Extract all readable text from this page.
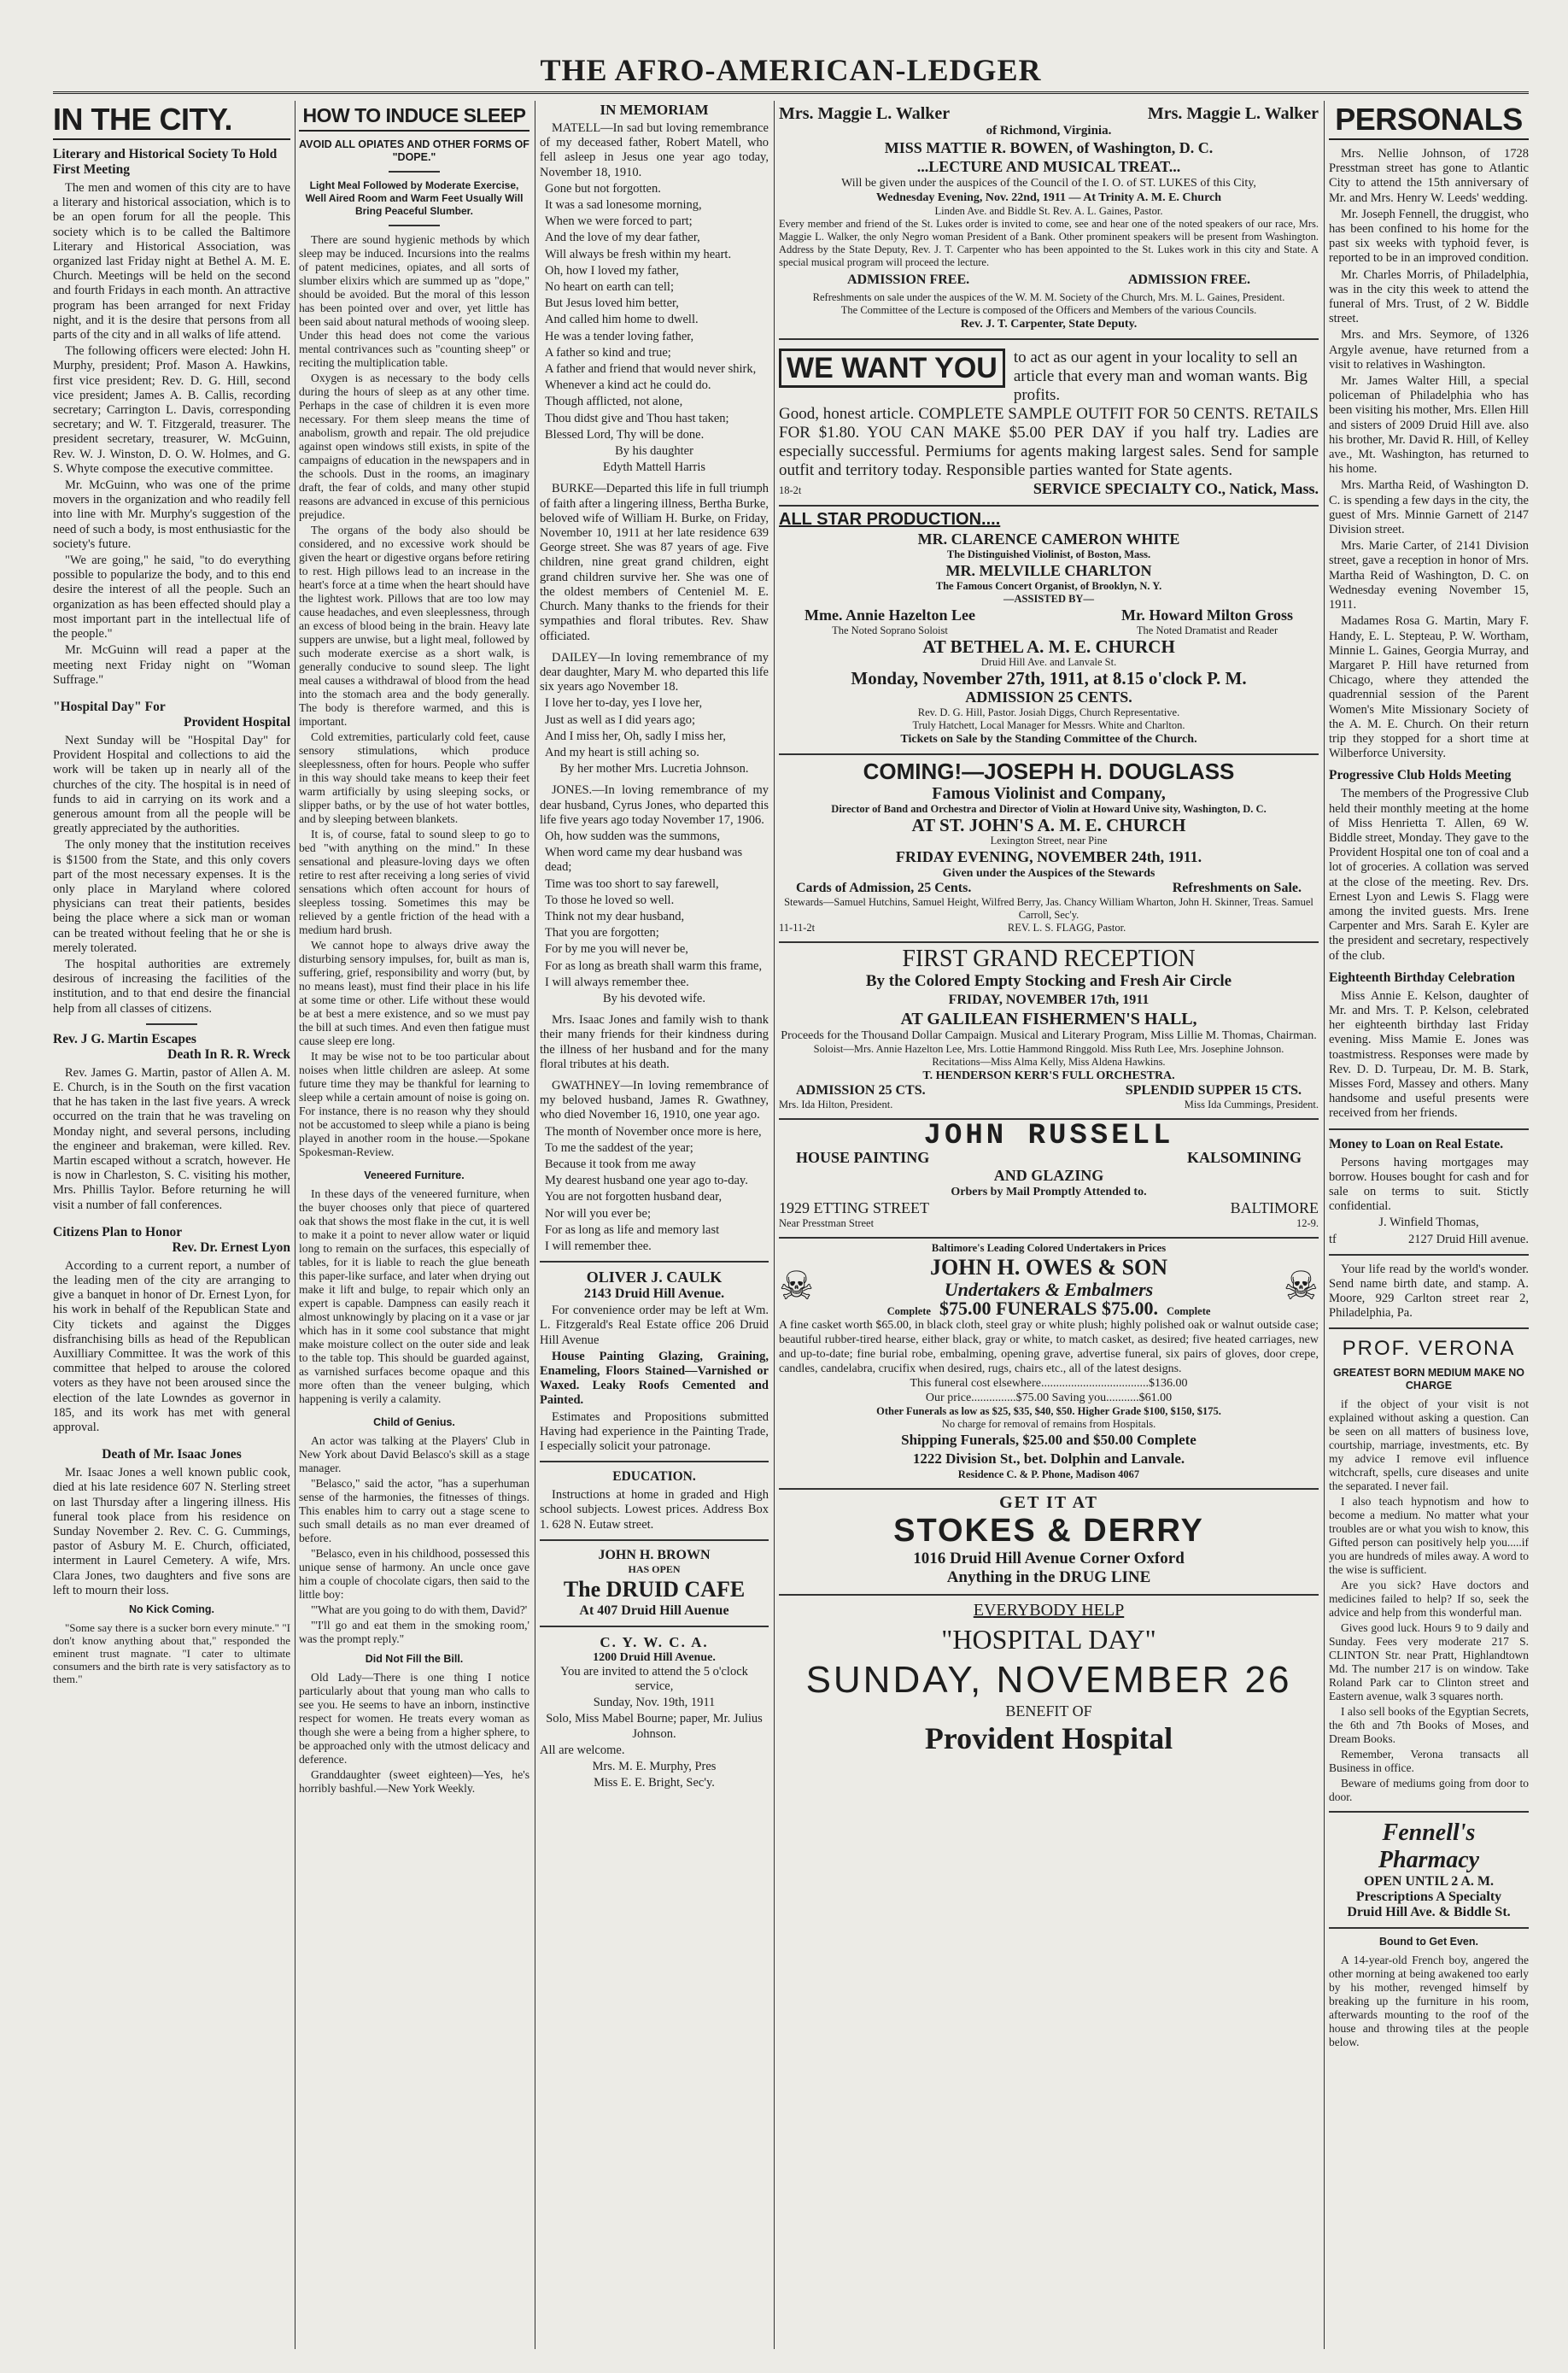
THE AFRO-AMERICAN-LEDGER
IN THE CITY.
Literary and Historical Society To Hold First Meeting

The men and women of this city are to have a literary and historical association, which is to be an open forum for all the people. This society which is to be called the Baltimore Literary and Historical Association, was organized last Friday night at Bethel A. M. E. Church. Meetings will be held on the second and fourth Fridays in each month. An attractive program has been arranged for next Friday night, and it is the desire that persons from all parts of the city and in all walks of life attend.

The following officers were elected: John H. Murphy, president; Prof. Mason A. Hawkins, first vice president; Rev. D. G. Hill, second vice president; James A. B. Callis, recording secretary; Carrington L. Davis, corresponding secretary; and W. T. Fitzgerald, treasurer. The president secretary, treasurer, W. McGuinn, Rev. W. J. Winston, D. O. W. Holmes, and G. S. Whyte compose the executive committee.

Mr. McGuinn, who was one of the prime movers in the organization and who readily fell into line with Mr. Murphy's suggestion of the need of such a body, is most enthusiastic for the society's future.

"We are going," he said, "to do everything possible to popularize the body, and to this end desire the interest of all the people. Such an organization as has been effected should play a most important part in the intellectual life of the people."

Mr. McGuinn will read a paper at the meeting next Friday night on "Woman Suffrage."

"Hospital Day" For
Provident Hospital

Next Sunday will be "Hospital Day" for Provident Hospital and collections to aid the work will be taken up in nearly all of the churches of the city. The hospital is in need of funds to aid in carrying on its work and a generous amount from all the people will be greatly appreciated by the authorities.

The only money that the institution receives is $1500 from the State, and this only covers part of the most necessary expenses. It is the only place in Maryland where colored physicians can treat their patients, besides being the place where a sick man or woman can be treated without feeling that he or she is merely tolerated.

The hospital authorities are extremely desirous of increasing the facilities of the institution, and to that end desire the financial help from all classes of citizens.

Rev. J G. Martin Escapes
Death In R. R. Wreck

Rev. James G. Martin, pastor of Allen A. M. E. Church, is in the South on the first vacation that he has taken in the last five years. A wreck occurred on the train that he was traveling on Monday night, and several persons, including the engineer and brakeman, were killed. Rev. Martin escaped without a scratch, however. He is now in Charleston, S. C. visiting his mother, Mrs. Phillis Taylor. Before returning he will visit a number of fall conferences.

Citizens Plan to Honor
Rev. Dr. Ernest Lyon

According to a current report, a number of the leading men of the city are arranging to give a banquet in honor of Dr. Ernest Lyon, for his work in behalf of the Republican State and City tickets and against the Digges disfranchising bills as head of the Republican Auxilliary Committee. It was the work of this committee that helped to arouse the colored voters as they have not been aroused since the election of the late Lowndes as governor in 185, and its work has met with general approval.

Death of Mr. Isaac Jones

Mr. Isaac Jones a well known public cook, died at his late residence 607 N. Sterling street on last Thursday after a lingering illness. His funeral took place from his residence on Sunday November 2. Rev. C. G. Cummings, pastor of Asbury M. E. Church, officiated, interment in Laurel Cemetery. A wife, Mrs. Clara Jones, two daughters and five sons are left to mourn their loss.

No Kick Coming.

"Some say there is a sucker born every minute." "I don't know anything about that," responded the eminent trust magnate. "I cater to ultimate consumers and the birth rate is very satisfactory as to them."

HOW TO INDUCE SLEEP
AVOID ALL OPIATES AND OTHER FORMS OF "DOPE."
Light Meal Followed by Moderate Exercise, Well Aired Room and Warm Feet Usually Will Bring Peaceful Slumber.

There are sound hygienic methods by which sleep may be induced. Incursions into the realms of patent medicines, opiates, and all sorts of slumber elixirs which are summed up as "dope," should be avoided. But the moral of this lesson has been pointed over and over, yet little has been said about natural methods of wooing sleep. Under this head does not come the various mental contrivances such as "counting sheep" or reciting the multiplication table.

Oxygen is as necessary to the body cells during the hours of sleep as at any other time. Perhaps in the case of children it is even more necessary. For them sleep means the time of anabolism, growth and repair. The old prejudice against open windows still exists, in spite of the campaigns of education in the newspapers and in the schools. Dust in the rooms, an imaginary draft, the fear of colds, and many other stupid reasons are advanced in excuse of this pernicious prejudice.

The organs of the body also should be considered, and no excessive work should be given the heart or digestive organs before retiring to rest. High pillows lead to an increase in the heart's force at a time when the heart should have the lightest work. Pillows that are too low may cause headaches, and even sleeplessness, through an excess of blood being in the brain. Heavy late suppers are unwise, but a light meal, followed by such moderate exercise as a short walk, is generally conducive to sound sleep. The light meal causes a withdrawal of blood from the head into the stomach area and the body generally. The body is therefore warmed, and this is important.

Cold extremities, particularly cold feet, cause sensory stimulations, which produce sleeplessness, often for hours. People who suffer in this way should take means to keep their feet warm artificially by using sleeping socks, or slipper baths, or by the use of hot water bottles, and by sleeping between blankets.

It is, of course, fatal to sound sleep to go to bed "with anything on the mind." In these sensational and pleasure-loving days we often retire to rest after receiving a long series of vivid sensations which often account for hours of sleepless tossing. Sometimes this may be relieved by a gentle friction of the head with a medium hard brush.

We cannot hope to always drive away the disturbing sensory impulses, for, built as man is, suffering, grief, responsibility and worry (but, by no means least), must find their place in his life at some time or other. Life without these would be at best a mere existence, and so we must pay the bill at such times. And even then fatigue must cause sleep ere long.

It may be wise not to be too particular about noises when little children are asleep. At some future time they may be thankful for learning to sleep while a certain amount of noise is going on. For instance, there is no reason why they should not be accustomed to sleep while a piano is being played in another room in the house.—Spokane Spokesman-Review.

Veneered Furniture.

In these days of the veneered furniture, when the buyer chooses only that piece of quartered oak that shows the most flake in the cut, it is well to make it a point to never allow water or liquid long to remain on the surfaces, this especially of tables, for it is liable to reach the glue beneath this paper-like surface, and later when drying out make it lift and bulge, to repair which only an expert is capable. Dampness can easily reach it almost unknowingly by placing on it a vase or jar which has in it some cool substance that might make moisture collect on the outer side and leak to the table top. This should be guarded against, as varnished surfaces become opaque and this more often than the veneer bulging, which happening is verily a calamity.

Child of Genius.

An actor was talking at the Players' Club in New York about David Belasco's skill as a stage manager.

"Belasco," said the actor, "has a superhuman sense of the harmonies, the fitnesses of things. This enables him to carry out a stage scene to such small details as no man ever dreamed of before.

"Belasco, even in his childhood, possessed this unique sense of harmony. An uncle once gave him a couple of chocolate cigars, then said to the little boy:

"'What are you going to do with them, David?'

"'I'll go and eat them in the smoking room,' was the prompt reply."

Did Not Fill the Bill.

Old Lady—There is one thing I notice particularly about that young man who calls to see you. He seems to have an inborn, instinctive respect for women. He treats every woman as though she were a being from a higher sphere, to be approached only with the utmost delicacy and deference.

Granddaughter (sweet eighteen)—Yes, he's horribly bashful.—New York Weekly.

IN MEMORIAM

MATELL—In sad but loving remembrance of my deceased father, Robert Matell, who fell asleep in Jesus one year ago today, November 18, 1910.

Gone but not forgotten.

It was a sad lonesome morning,

When we were forced to part;

And the love of my dear father,

Will always be fresh within my heart.

Oh, how I loved my father,

No heart on earth can tell;

But Jesus loved him better,

And called him home to dwell.

He was a tender loving father,

A father so kind and true;

A father and friend that would never shirk,

Whenever a kind act he could do.

Though afflicted, not alone,

Thou didst give and Thou hast taken;

Blessed Lord, Thy will be done.

By his daughter

Edyth Mattell Harris

BURKE—Departed this life in full triumph of faith after a lingering illness, Bertha Burke, beloved wife of William H. Burke, on Friday, November 10, 1911 at her late residence 639 George street. She was 87 years of age. Five children, nine great grand children, eight grand children survive her. She was one of the oldest members of Centeniel M. E. Church. Many thanks to the friends for their sympathies and floral tributes. Rev. Shaw officiated.

DAILEY—In loving remembrance of my dear daughter, Mary M. who departed this life six years ago November 18.

I love her to-day, yes I love her,

Just as well as I did years ago;

And I miss her, Oh, sadly I miss her,

And my heart is still aching so.

By her mother Mrs. Lucretia Johnson.

JONES.—In loving remembrance of my dear husband, Cyrus Jones, who departed this life five years ago today November 17, 1906.

Oh, how sudden was the summons,

When word came my dear husband was dead;

Time was too short to say farewell,

To those he loved so well.

Think not my dear husband,

That you are forgotten;

For by me you will never be,

For as long as breath shall warm this frame,

I will always remember thee.

By his devoted wife.

Mrs. Isaac Jones and family wish to thank their many friends for their kindness during the illness of her husband and for the many floral tributes at his death.

GWATHNEY—In loving remembrance of my beloved husband, James R. Gwathney, who died November 16, 1910, one year ago.

The month of November once more is here,

To me the saddest of the year;

Because it took from me away

My dearest husband one year ago to-day.

You are not forgotten husband dear,

Nor will you ever be;

For as long as life and memory last

I will remember thee.

OLIVER J. CAULK
2143 Druid Hill Avenue.

For convenience order may be left at Wm. L. Fitzgerald's Real Estate office 206 Druid Hill Avenue

House Painting Glazing, Graining, Enameling, Floors Stained—Varnished or Waxed. Leaky Roofs Cemented and Painted.

Estimates and Propositions submitted Having had experience in the Painting Trade, I especially solicit your patronage.

EDUCATION.

Instructions at home in graded and High school subjects. Lowest prices. Address Box 1. 628 N. Eutaw street.

JOHN H. BROWN
HAS OPEN
The DRUID CAFE
At 407 Druid Hill Auenue
C. Y. W. C. A.
1200 Druid Hill Avenue.

You are invited to attend the 5 o'clock service,

Sunday, Nov. 19th, 1911

Solo, Miss Mabel Bourne; paper, Mr. Julius Johnson.

All are welcome.

Mrs. M. E. Murphy, Pres

Miss E. E. Bright, Sec'y.

Mrs. Maggie L. Walker	Mrs. Maggie L. Walker
of Richmond, Virginia.
MISS MATTIE R. BOWEN, of Washington, D. C.
...LECTURE AND MUSICAL TREAT...
Will be given under the auspices of the Council of the I. O. of ST. LUKES of this City,
Wednesday Evening, Nov. 22nd, 1911 — At Trinity A. M. E. Church
Linden Ave. and Biddle St. Rev. A. L. Gaines, Pastor.
Every member and friend of the St. Lukes order is invited to come, see and hear one of the noted speakers of our race, Mrs. Maggie L. Walker, the only Negro woman President of a Bank. Other prominent speakers will be present from Washington. Address by the State Deputy, Rev. J. T. Carpenter who has been appointed to the St. Lukes work in this city and State. A special musical program will proceed the lecture.
ADMISSION FREE.	ADMISSION FREE.
Refreshments on sale under the auspices of the W. M. M. Society of the Church, Mrs. M. L. Gaines, President.
The Committee of the Lecture is composed of the Officers and Members of the various Councils.
Rev. J. T. Carpenter, State Deputy.
WE WANT YOU	to act as our agent in your locality to sell an article that every man and woman wants. Big profits.
Good, honest article. COMPLETE SAMPLE OUTFIT FOR 50 CENTS. RETAILS FOR $1.80. YOU CAN MAKE $5.00 PER DAY if you half try. Ladies are especially successful. Permiums for agents making largest sales. Send for sample outfit and territory today. Responsible parties wanted for State agents.
18-2t	SERVICE SPECIALTY CO., Natick, Mass.
ALL STAR PRODUCTION....
MR. CLARENCE CAMERON WHITE
The Distinguished Violinist, of Boston, Mass.
MR. MELVILLE CHARLTON
The Famous Concert Organist, of Brooklyn, N. Y.
—ASSISTED BY—
Mme. Annie Hazelton Lee
The Noted Soprano Soloist
Mr. Howard Milton Gross
The Noted Dramatist and Reader
AT BETHEL A. M. E. CHURCH
Druid Hill Ave. and Lanvale St.
Monday, November 27th, 1911, at 8.15 o'clock P. M.
ADMISSION 25 CENTS.
Rev. D. G. Hill, Pastor. Josiah Diggs, Church Representative.
Truly Hatchett, Local Manager for Messrs. White and Charlton.
Tickets on Sale by the Standing Committee of the Church.
COMING!—JOSEPH H. DOUGLASS
Famous Violinist and Company,
Director of Band and Orchestra and Director of Violin at Howard Unive sity, Washington, D. C.
AT ST. JOHN'S A. M. E. CHURCH
Lexington Street, near Pine
FRIDAY EVENING, NOVEMBER 24th, 1911.
Given under the Auspices of the Stewards
Cards of Admission, 25 Cents.	Refreshments on Sale.
Stewards—Samuel Hutchins, Samuel Height, Wilfred Berry, Jas. Chancy William Wharton, John H. Skinner, Treas. Samuel Carroll, Sec'y.
11-11-2t	REV. L. S. FLAGG, Pastor.
FIRST GRAND RECEPTION
By the Colored Empty Stocking and Fresh Air Circle
FRIDAY, NOVEMBER 17th, 1911
AT GALILEAN FISHERMEN'S HALL,
Proceeds for the Thousand Dollar Campaign. Musical and Literary Program, Miss Lillie M. Thomas, Chairman.
Soloist—Mrs. Annie Hazelton Lee, Mrs. Lottie Hammond Ringgold. Miss Ruth Lee, Mrs. Josephine Johnson.
Recitations—Miss Alma Kelly, Miss Aldena Hawkins.
T. HENDERSON KERR'S FULL ORCHESTRA.
ADMISSION 25 CTS.	SPLENDID SUPPER 15 CTS.
Mrs. Ida Hilton, President.	Miss Ida Cummings, President.
JOHN RUSSELL
HOUSE PAINTING	KALSOMINING
AND GLAZING
Orbers by Mail Promptly Attended to.
1929 ETTING STREET	BALTIMORE
Near Presstman Street	12-9.
Baltimore's Leading Colored Undertakers in Prices
☠	JOHN H. OWES & SON
Undertakers & Embalmers
Complete $75.00 FUNERALS $75.00. Complete
☠
A fine casket worth $65.00, in black cloth, steel gray or white plush; highly polished oak or walnut outside case; beautiful rubber-tired hearse, either black, gray or white, to match casket, as desired; five heated carriages, new and up-to-date; fine burial robe, embalming, opening grave, advertise funeral, six pairs of gloves, door crepe, candles, candelabra, crucifix when desired, rugs, chairs etc., all of the latest designs.
This funeral cost elsewhere....................................$136.00
Our price...............$75.00 Saving you...........$61.00
Other Funerals as low as $25, $35, $40, $50. Higher Grade $100, $150, $175.
No charge for removal of remains from Hospitals.
Shipping Funerals, $25.00 and $50.00 Complete
1222 Division St., bet. Dolphin and Lanvale.
Residence C. & P. Phone, Madison 4067
GET IT AT
STOKES & DERRY
1016 Druid Hill Avenue Corner Oxford
Anything in the DRUG LINE
EVERYBODY HELP
"HOSPITAL DAY"
SUNDAY, NOVEMBER 26
BENEFIT OF
Provident Hospital
PERSONALS

Mrs. Nellie Johnson, of 1728 Presstman street has gone to Atlantic City to attend the 15th anniversary of Mr. and Mrs. Henry W. Leeds' wedding.

Mr. Joseph Fennell, the druggist, who has been confined to his home for the past six weeks with typhoid fever, is reported to be in an improved condition.

Mr. Charles Morris, of Philadelphia, was in the city this week to attend the funeral of Mrs. Trust, of 2 W. Biddle street.

Mrs. and Mrs. Seymore, of 1326 Argyle avenue, have returned from a visit to relatives in Washington.

Mr. James Walter Hill, a special policeman of Philadelphia who has been visiting his mother, Mrs. Ellen Hill and sisters of 2009 Druid Hill ave. also his brother, Mr. David R. Hill, of Kelley ave., Mt. Washington, has returned to his home.

Mrs. Martha Reid, of Washington D. C. is spending a few days in the city, the guest of Mrs. Minnie Garnett of 2147 Division street.

Mrs. Marie Carter, of 2141 Division street, gave a reception in honor of Mrs. Martha Reid of Washington, D. C. on Wednesday evening November 15, 1911.

Madames Rosa G. Martin, Mary F. Handy, E. L. Stepteau, P. W. Wortham, Minnie L. Gaines, Georgia Murray, and Margaret P. Hill have returned from Chicago, where they attended the quadrennial session of the Parent Women's Mite Missionary Society of the A. M. E. Church. On their return trip they stopped for a short time at Wilberforce University.

Progressive Club Holds Meeting

The members of the Progressive Club held their monthly meeting at the home of Miss Henrietta T. Allen, 69 W. Biddle street, Monday. They gave to the Provident Hospital one ton of coal and a lot of groceries. A collation was served at the close of the meeting. Rev. Drs. Ernest Lyon and Lewis S. Flagg were among the invited guests. Mrs. Irene Carpenter and Mrs. Sarah E. Kyler are the president and secretary, respectively of the club.

Eighteenth Birthday Celebration

Miss Annie E. Kelson, daughter of Mr. and Mrs. T. P. Kelson, celebrated her eighteenth birthday last Friday evening. Miss Mamie E. Jones was toastmistress. Responses were made by Rev. D. D. Turpeau, Dr. M. B. Stark, Misses Ford, Massey and others. Many handsome and useful presents were received from her friends.

Money to Loan on Real Estate.

Persons having mortgages may borrow. Houses bought for cash and for sale on terms to suit. Stictly confidential.

J. Winfield Thomas,

tf	2127 Druid Hill avenue.

Your life read by the world's wonder. Send name birth date, and stamp. A. Moore, 929 Carlton street rear 2, Philadelphia, Pa.

PROF. VERONA
GREATEST BORN MEDIUM MAKE NO CHARGE

if the object of your visit is not explained without asking a question. Can be seen on all matters of business love, courtship, marriage, investments, etc. By my advice I remove evil influence witchcraft, spells, cure diseases and unite the separated. I never fail.

I also teach hypnotism and how to become a medium. No matter what your troubles are or what you wish to know, this Gifted person can positively help you.....if you are hundreds of miles away. A word to the wise is sufficient.

Are you sick? Have doctors and medicines failed to help? If so, seek the advice and help from this wonderful man.

Gives good luck. Hours 9 to 9 daily and Sunday. Fees very moderate 217 S. CLINTON Str. near Pratt, Highlandtown Md. The number 217 is on window. Take Roland Park car to Clinton street and Eastern avenue, walk 3 squares north.

I also sell books of the Egyptian Secrets, the 6th and 7th Books of Moses, and Dream Books.

Remember, Verona transacts all Business in office.

Beware of mediums going from door to door.

Fennell's Pharmacy
OPEN UNTIL 2 A. M.
Prescriptions A Specialty
Druid Hill Ave. & Biddle St.
Bound to Get Even.

A 14-year-old French boy, angered the other morning at being awakened too early by his mother, revenged himself by breaking up the furniture in his room, afterwards mounting to the roof of the house and throwing tiles at the people below.
